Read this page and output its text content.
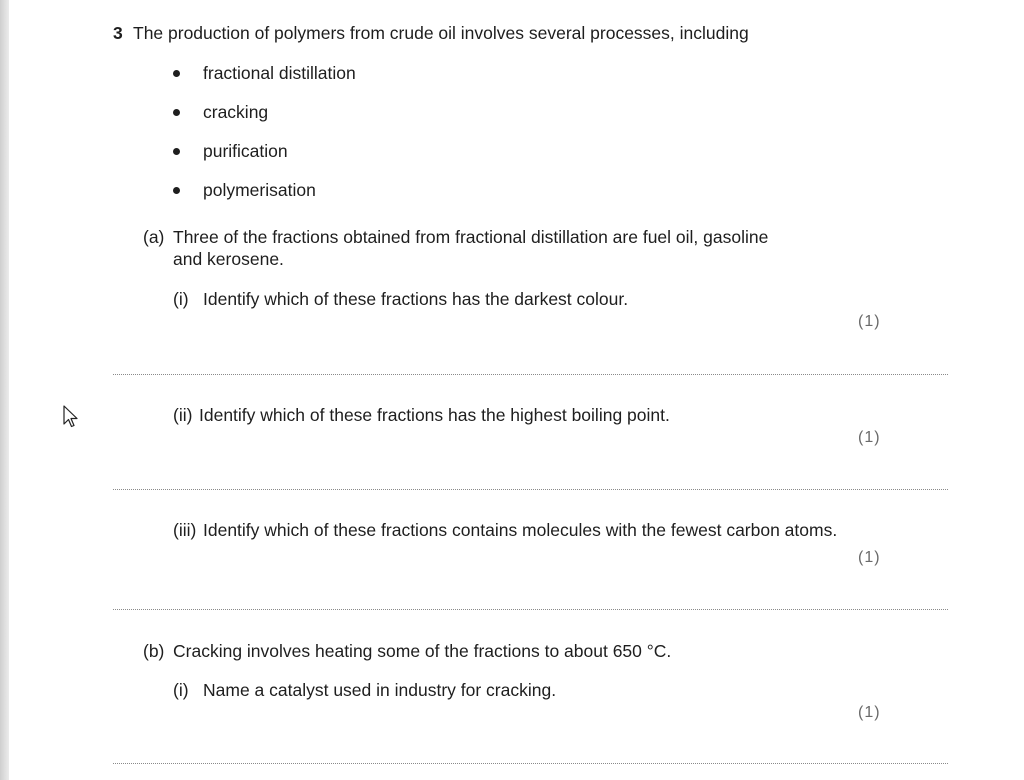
3 The production of polymers from crude oil involves several processes, including
fractional distillation
cracking
purification
polymerisation
(a) Three of the fractions obtained from fractional distillation are fuel oil, gasoline
and kerosene.
(i) Identify which of these fractions has the darkest colour.
(1)
(ii) Identify which of these fractions has the highest boiling point.
(1)
(iii) Identify which of these fractions contains molecules with the fewest carbon atoms.
(1)
(b) Cracking involves heating some of the fractions to about 650 °C.
(i) Name a catalyst used in industry for cracking.
(1)
